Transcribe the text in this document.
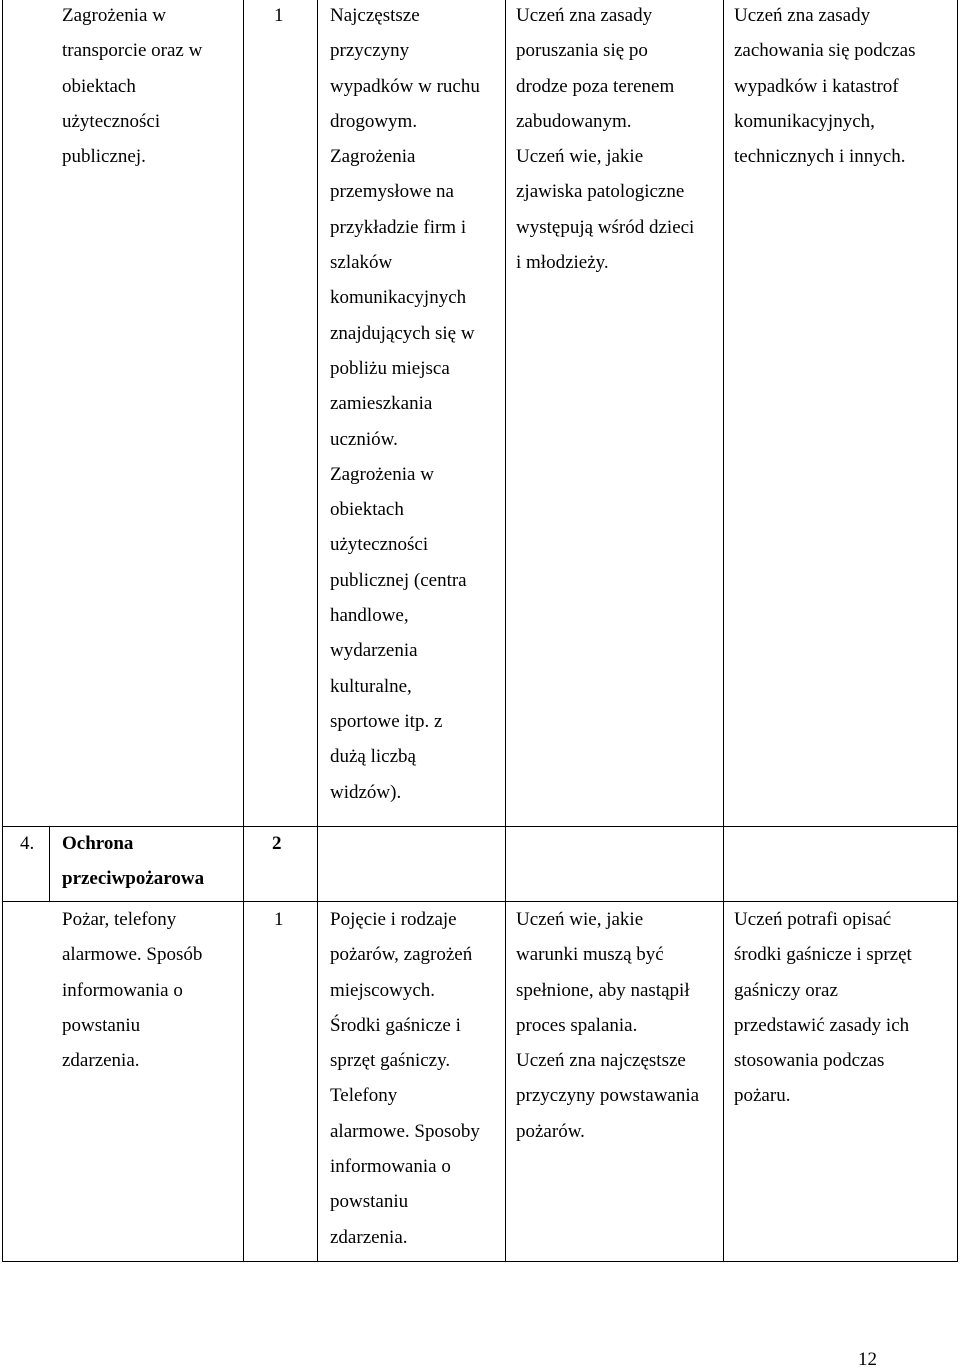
Zagrożenia w
transporcie oraz w
obiektach
użyteczności
publicznej.
1 Najczęstsze
przyczyny
wypadków w ruchu
drogowym.
Zagrożenia
przemysłowe na
przykładzie firm i
szlaków
komunikacyjnych
znajdujących się w
pobliżu miejsca
zamieszkania
uczniów.
Zagrożenia w
obiektach
użyteczności
publicznej (centra
handlowe,
wydarzenia
kulturalne,
sportowe itp. z
dużą liczbą
widzów).
Uczeń zna zasady
poruszania się po
drodze poza terenem
zabudowanym.
Uczeń wie, jakie
zjawiska patologiczne
występują wśród dzieci
i młodzieży.
Uczeń zna zasady
zachowania się podczas
wypadków i katastrof
komunikacyjnych,
technicznych i innych.
4. Ochrona
przeciwpożarowa
2
Pożar, telefony
alarmowe. Sposób
informowania o
powstaniu
zdarzenia.
1 Pojęcie i rodzaje
pożarów, zagrożeń
miejscowych.
Środki gaśnicze i
sprzęt gaśniczy.
Telefony
alarmowe. Sposoby
informowania o
powstaniu
zdarzenia.
Uczeń wie, jakie
warunki muszą być
spełnione, aby nastąpił
proces spalania.
Uczeń zna najczęstsze
przyczyny powstawania
pożarów.
Uczeń potrafi opisać
środki gaśnicze i sprzęt
gaśniczy oraz
przedstawić zasady ich
stosowania podczas
pożaru.
12
